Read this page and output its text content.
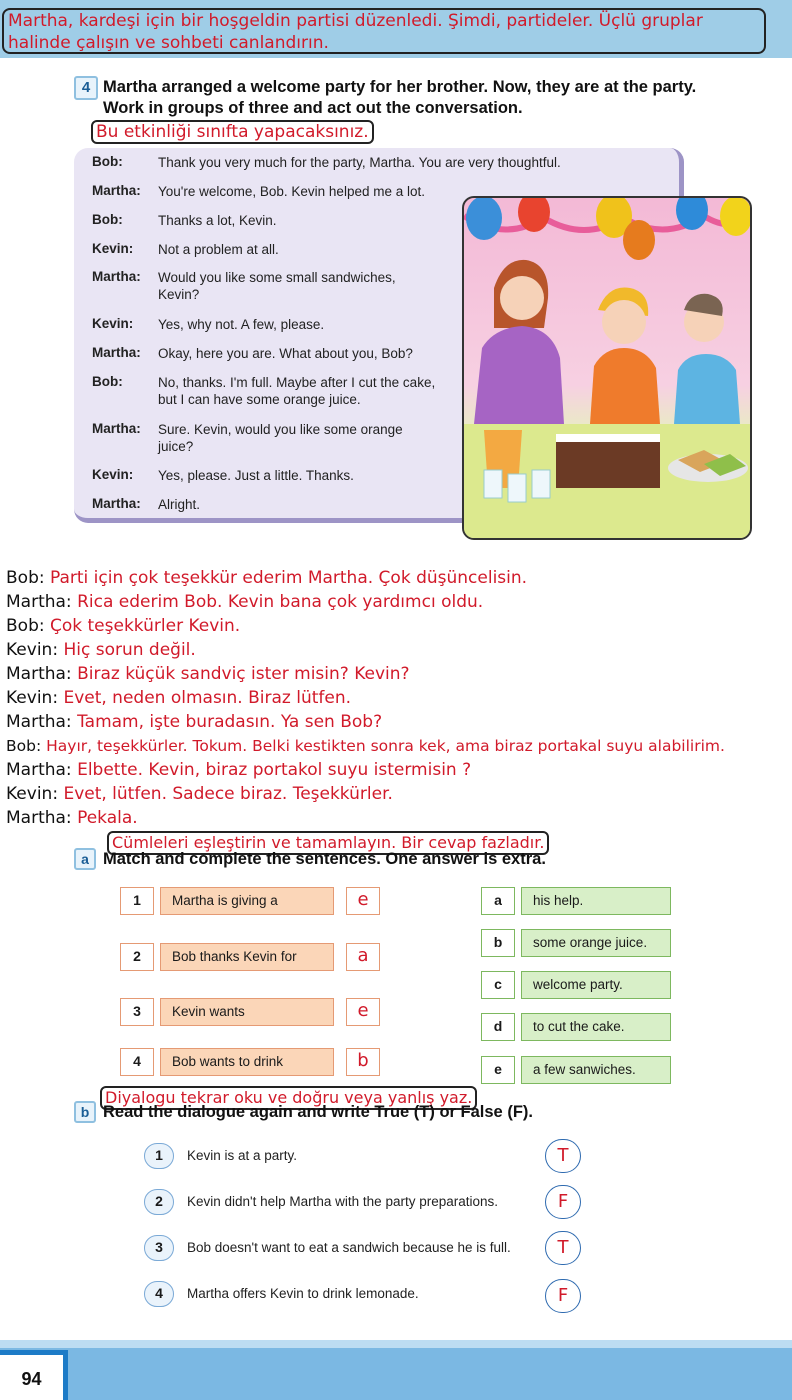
Martha, kardeşi için bir hoşgeldin partisi düzenledi. Şimdi, partideler. Üçlü gruplar halinde çalışın ve sohbeti canlandırın.
4 Martha arranged a welcome party for her brother. Now, they are at the party.
Work in groups of three and act out the conversation.
Bu etkinliği sınıfta yapacaksınız.
Bob:	Thank you very much for the party, Martha. You are very thoughtful.
Martha: You're welcome, Bob. Kevin helped me a lot.
Bob:	Thanks a lot, Kevin.
Kevin: Not a problem at all.
Martha: Would you like some small sandwiches, Kevin?
Kevin: Yes, why not. A few, please.
Martha: Okay, here you are. What about you, Bob?
Bob:	No, thanks. I'm full. Maybe after I cut the cake, but I can have some orange juice.
Martha: Sure. Kevin, would you like some orange juice?
Kevin: Yes, please. Just a little. Thanks.
Martha: Alright.
Bob: Parti için çok teşekkür ederim Martha. Çok düşüncelisin.
Martha: Rica ederim Bob. Kevin bana çok yardımcı oldu.
Bob: Çok teşekkürler Kevin.
Kevin: Hiç sorun değil.
Martha: Biraz küçük sandviç ister misin? Kevin?
Kevin: Evet, neden olmasın. Biraz lütfen.
Martha: Tamam, işte buradasın. Ya sen Bob?
Bob: Hayır, teşekkürler. Tokum. Belki kestikten sonra kek, ama biraz portakal suyu alabilirim.
Martha: Elbette. Kevin, biraz portakol suyu istermisin ?
Kevin: Evet, lütfen. Sadece biraz. Teşekkürler.
Martha: Pekala.
Cümleleri eşleştirin ve tamamlayın. Bir cevap fazladır.
a Match and complete the sentences. One answer is extra.
1	Martha is giving a	e
2	Bob thanks Kevin for	a
3	Kevin wants	e
4	Bob wants to drink	b
a	his help.
b	some orange juice.
c	welcome party.
d	to cut the cake.
e	a few sanwiches.
Diyalogu tekrar oku ve doğru veya yanlış yaz.
b Read the dialogue again and write True (T) or False (F).
1	Kevin is at a party.	T
2	Kevin didn't help Martha with the party preparations.	F
3	Bob doesn't want to eat a sandwich because he is full.	T
4	Martha offers Kevin to drink lemonade.	F
94
